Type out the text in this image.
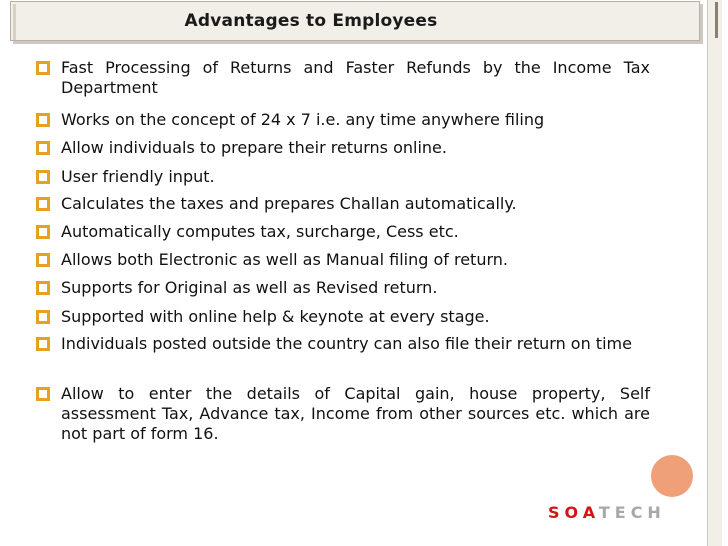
Advantages to Employees
Fast Processing of Returns and Faster Refunds by the Income Tax Department
Works on the concept of 24 x 7 i.e. any time anywhere filing
Allow individuals to prepare their returns online.
User friendly input.
Calculates the taxes and prepares Challan automatically.
Automatically computes tax, surcharge, Cess etc.
Allows both Electronic as well as Manual filing of return.
Supports for Original as well as Revised return.
Supported with online help & keynote at every stage.
Individuals posted outside the country can also file their return on time
Allow to enter the details of Capital gain, house property, Self assessment Tax, Advance tax, Income from other sources etc. which are not part of form 16.
SOATECH
